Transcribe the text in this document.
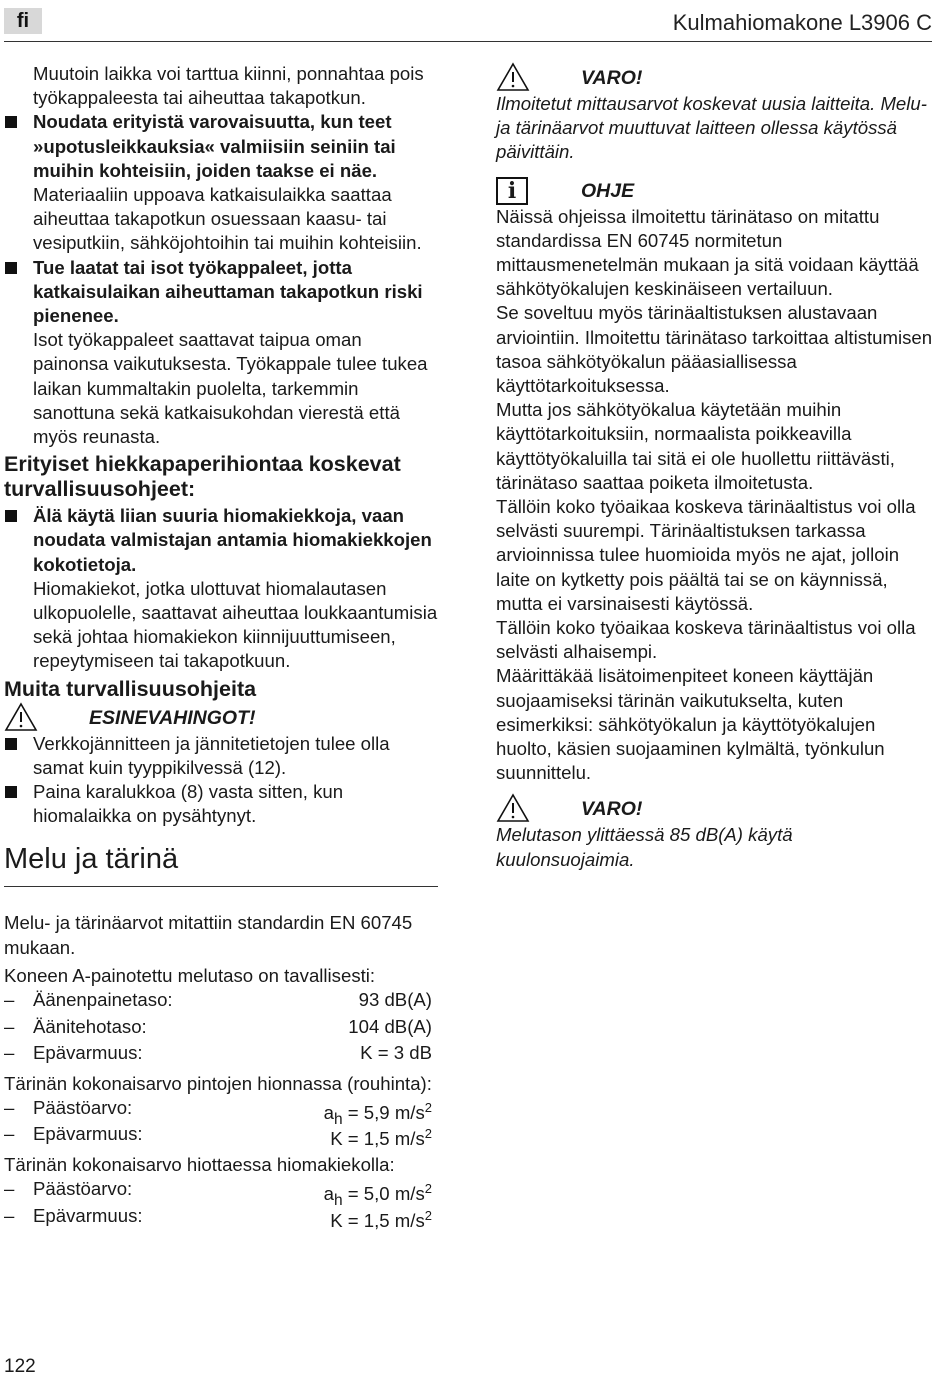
fi	Kulmahiomakone L3906 C

Muutoin laikka voi tarttua kiinni, ponnahtaa pois työkappaleesta tai aiheuttaa takapotkun.

Noudata erityistä varovaisuutta, kun teet »upotusleikkauksia« valmiisiin seiniin tai muihin kohteisiin, joiden taakse ei näe.

Materiaaliin uppoava katkaisulaikka saattaa aiheuttaa takapotkun osuessaan kaasu- tai vesiputkiin, sähköjohtoihin tai muihin kohteisiin.

Tue laatat tai isot työkappaleet, jotta katkaisulaikan aiheuttaman takapotkun riski pienenee.

Isot työkappaleet saattavat taipua oman painonsa vaikutuksesta. Työkappale tulee tukea laikan kummaltakin puolelta, tarkemmin sanottuna sekä katkaisukohdan vierestä että myös reunasta.

Erityiset hiekkapaperihiontaa koskevat turvallisuusohjeet:

Älä käytä liian suuria hiomakiekkoja, vaan noudata valmistajan antamia hiomakiekkojen kokotietoja.

Hiomakiekot, jotka ulottuvat hiomalautasen ulkopuolelle, saattavat aiheuttaa loukkaantumisia sekä johtaa hiomakiekon kiinnijuuttumiseen, repeytymiseen tai takapotkuun.

Muita turvallisuusohjeita
ESINEVAHINGOT!

Verkkojännitteen ja jännitetietojen tulee olla samat kuin tyyppikilvessä (12).

Paina karalukkoa (8) vasta sitten, kun hiomalaikka on pysähtynyt.

Melu ja tärinä

Melu- ja tärinäarvot mitattiin standardin EN 60745 mukaan.

Koneen A-painotettu melutaso on tavallisesti:

– Äänenpainetaso:	93 dB(A)
– Äänitehotaso:	104 dB(A)
– Epävarmuus:	K = 3 dB

Tärinän kokonaisarvo pintojen hionnassa (rouhinta):

– Päästöarvo:	$a_h = 5,9$ $m/s^2$
– Epävarmuus:	K = 1,5 $m/s^2$

Tärinän kokonaisarvo hiottaessa hiomakiekolla:

– Päästöarvo:	$a_h = 5,0$ $m/s^2$
– Epävarmuus:	K = 1,5 $m/s^2$
VARO!

Ilmoitetut mittausarvot koskevat uusia laitteita. Melu- ja tärinäarvot muuttuvat laitteen ollessa käytössä päivittäin.

i	OHJE

Näissä ohjeissa ilmoitettu tärinätaso on mitattu standardissa EN 60745 normitetun mittausmenetelmän mukaan ja sitä voidaan käyttää sähkötyökalujen keskinäiseen vertailuun.

Se soveltuu myös tärinäaltistuksen alustavaan arviointiin. Ilmoitettu tärinätaso tarkoittaa altistumisen tasoa sähkötyökalun pääasiallisessa käyttötarkoituksessa.

Mutta jos sähkötyökalua käytetään muihin käyttötarkoituksiin, normaalista poikkeavilla käyttötyökaluilla tai sitä ei ole huollettu riittävästi, tärinätaso saattaa poiketa ilmoitetusta.

Tällöin koko työaikaa koskeva tärinäaltistus voi olla selvästi suurempi. Tärinäaltistuksen tarkassa arvioinnissa tulee huomioida myös ne ajat, jolloin laite on kytketty pois päältä tai se on käynnissä, mutta ei varsinaisesti käytössä.

Tällöin koko työaikaa koskeva tärinäaltistus voi olla selvästi alhaisempi.

Määrittäkää lisätoimenpiteet koneen käyttäjän suojaamiseksi tärinän vaikutukselta, kuten esimerkiksi: sähkötyökalun ja käyttötyökalujen huolto, käsien suojaaminen kylmältä, työnkulun suunnittelu.

VARO!

Melutason ylittäessä 85 dB(A) käytä kuulonsuojaimia.

122
